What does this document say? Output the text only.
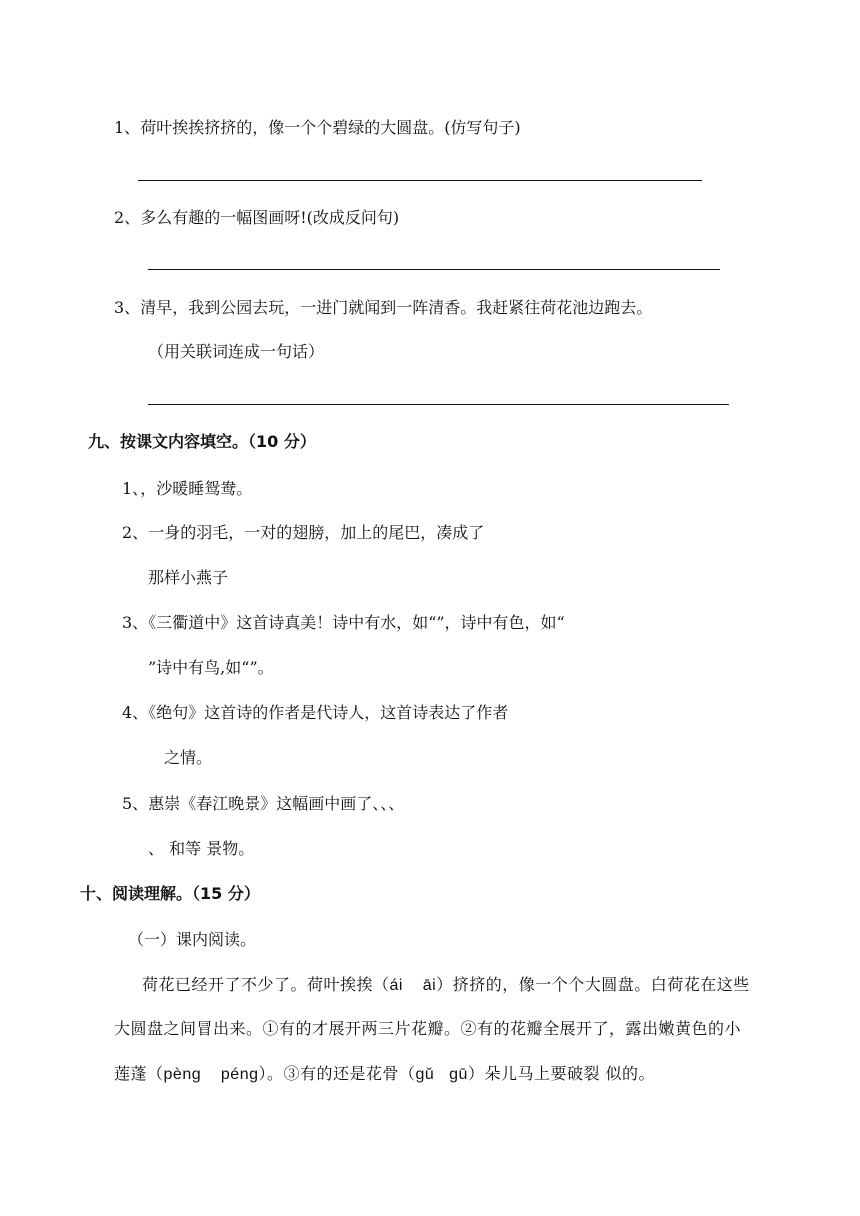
1、荷叶挨挨挤挤的，像一个个碧绿的大圆盘。(仿写句子)
2、多么有趣的一幅图画呀!(改成反问句)
3、清早，我到公园去玩，一进门就闻到一阵清香。我赶紧往荷花池边跑去。
（用关联词连成一句话）
九、按课文内容填空。（10 分）
1、，沙暖睡鸳鸯。
2、一身的羽毛，一对的翅膀，加上的尾巴，凑成了
那样小燕子
3、《三衢道中》这首诗真美！诗中有水，如“”，诗中有色，如“
”诗中有鸟,如“”。
4、《绝句》这首诗的作者是代诗人，这首诗表达了作者
之情。
5、惠崇《春江晚景》这幅画中画了、、、
、 和等 景物。
十、阅读理解。（15 分）
（一）课内阅读。
荷花已经开了不少了。荷叶挨挨（ái    āi）挤挤的，像一个个大圆盘。白荷花在这些
大圆盘之间冒出来。①有的才展开两三片花瓣。②有的花瓣全展开了，露出嫩黄色的小
莲蓬（pèng    péng）。③有的还是花骨（gǔ   gū）朵儿马上要破裂 似的。
